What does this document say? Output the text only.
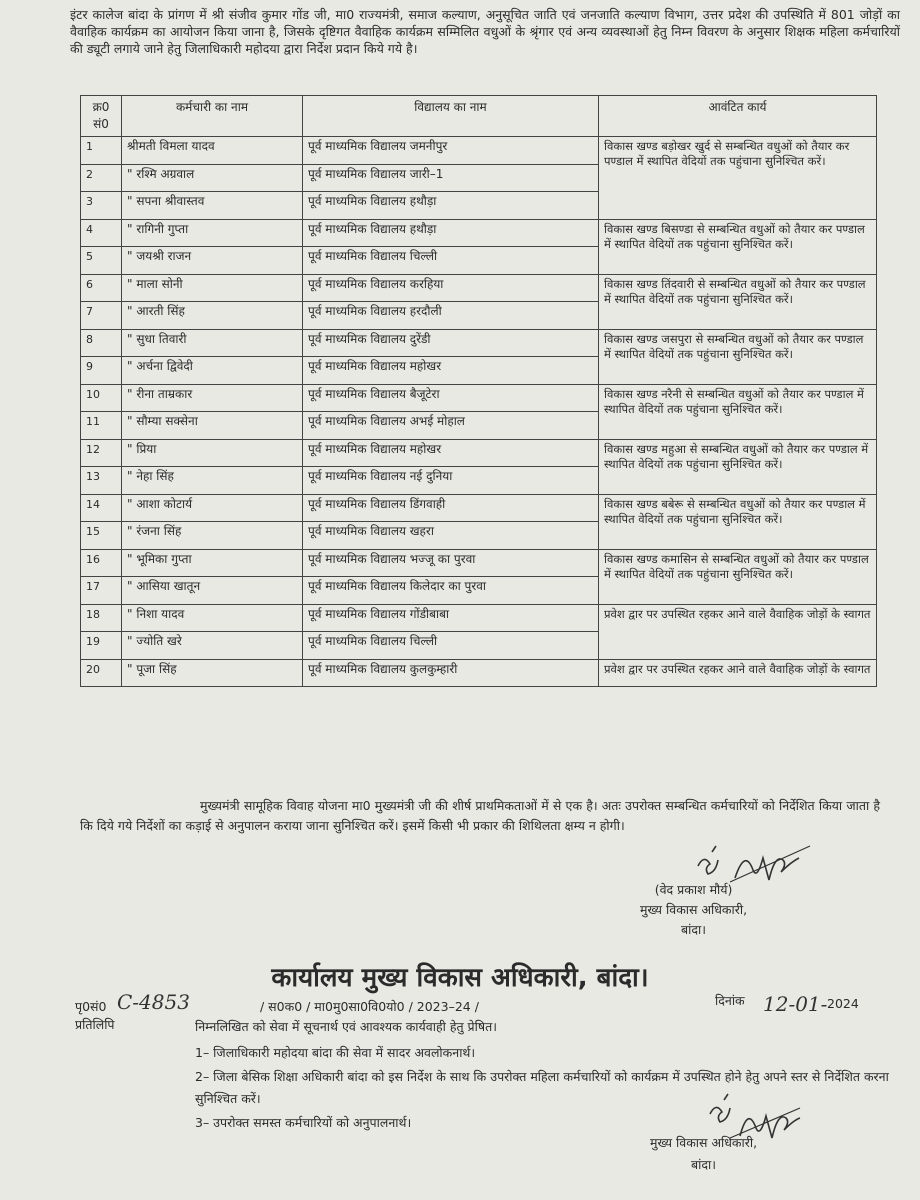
इंटर कालेज बांदा के प्रांगण में श्री संजीव कुमार गोंड जी, मा0 राज्यमंत्री, समाज कल्याण, अनुसूचित जाति एवं जनजाति कल्याण विभाग, उत्तर प्रदेश की उपस्थिति में 801 जोड़ों का वैवाहिक कार्यक्रम का आयोजन किया जाना है, जिसके दृष्टिगत वैवाहिक कार्यक्रम सम्मिलित वधुओं के श्रृंगार एवं अन्य व्यवस्थाओं हेतु निम्न विवरण के अनुसार शिक्षक महिला कर्मचारियों की ड्यूटी लगाये जाने हेतु जिलाधिकारी महोदया द्वारा निर्देश प्रदान किये गये है।
क्र0 सं0	कर्मचारी का नाम	विद्यालय का नाम	आवंटित कार्य
1	श्रीमती विमला यादव	पूर्व माध्यमिक विद्यालय जमनीपुर	विकास खण्ड बड़ोखर खुर्द से सम्बन्धित वधुओं को तैयार कर पण्डाल में स्थापित वेदियों तक पहुंचाना सुनिश्चित करें।
2	" रश्मि अग्रवाल	पूर्व माध्यमिक विद्यालय जारी–1	
3	" सपना श्रीवास्तव	पूर्व माध्यमिक विद्यालय हथौड़ा	
4	" रागिनी गुप्ता	पूर्व माध्यमिक विद्यालय हथौड़ा	विकास खण्ड बिसण्डा से सम्बन्धित वधुओं को तैयार कर पण्डाल में स्थापित वेदियों तक पहुंचाना सुनिश्चित करें।
5	" जयश्री राजन	पूर्व माध्यमिक विद्यालय चिल्ली	
6	" माला सोनी	पूर्व माध्यमिक विद्यालय करहिया	विकास खण्ड तिंदवारी से सम्बन्धित वधुओं को तैयार कर पण्डाल में स्थापित वेदियों तक पहुंचाना सुनिश्चित करें।
7	" आरती सिंह	पूर्व माध्यमिक विद्यालय हरदौली	
8	" सुधा तिवारी	पूर्व माध्यमिक विद्यालय दुरेंडी	विकास खण्ड जसपुरा से सम्बन्धित वधुओं को तैयार कर पण्डाल में स्थापित वेदियों तक पहुंचाना सुनिश्चित करें।
9	" अर्चना द्विवेदी	पूर्व माध्यमिक विद्यालय महोखर	
10	" रीना ताम्रकार	पूर्व माध्यमिक विद्यालय बैजूटेरा	विकास खण्ड नरैनी से सम्बन्धित वधुओं को तैयार कर पण्डाल में स्थापित वेदियों तक पहुंचाना सुनिश्चित करें।
11	" सौम्या सक्सेना	पूर्व माध्यमिक विद्यालय अभई मोहाल	
12	" प्रिया	पूर्व माध्यमिक विद्यालय महोखर	विकास खण्ड महुआ से सम्बन्धित वधुओं को तैयार कर पण्डाल में स्थापित वेदियों तक पहुंचाना सुनिश्चित करें।
13	" नेहा सिंह	पूर्व माध्यमिक विद्यालय नई दुनिया	
14	" आशा कोटार्य	पूर्व माध्यमिक विद्यालय डिंगवाही	विकास खण्ड बबेरू से सम्बन्धित वधुओं को तैयार कर पण्डाल में स्थापित वेदियों तक पहुंचाना सुनिश्चित करें।
15	" रंजना सिंह	पूर्व माध्यमिक विद्यालय खहरा	
16	" भूमिका गुप्ता	पूर्व माध्यमिक विद्यालय भज्जू का पुरवा	विकास खण्ड कमासिन से सम्बन्धित वधुओं को तैयार कर पण्डाल में स्थापित वेदियों तक पहुंचाना सुनिश्चित करें।
17	" आसिया खातून	पूर्व माध्यमिक विद्यालय किलेदार का पुरवा	
18	" निशा यादव	पूर्व माध्यमिक विद्यालय गोंडीबाबा	प्रवेश द्वार पर उपस्थित रहकर आने वाले वैवाहिक जोड़ों के स्वागत
19	" ज्योति खरे	पूर्व माध्यमिक विद्यालय चिल्ली	
20	" पूजा सिंह	पूर्व माध्यमिक विद्यालय कुलकुम्हारी	प्रवेश द्वार पर उपस्थित रहकर आने वाले वैवाहिक जोड़ों के स्वागत

मुख्यमंत्री सामूहिक विवाह योजना मा0 मुख्यमंत्री जी की शीर्ष प्राथमिकताओं में से एक है। अतः उपरोक्त सम्बन्धित कर्मचारियों को निर्देशित किया जाता है कि दिये गये निर्देशों का कड़ाई से अनुपालन कराया जाना सुनिश्चित करें। इसमें किसी भी प्रकार की शिथिलता क्षम्य न होगी।

(वेद प्रकाश मौर्य)
मुख्य विकास अधिकारी,
बांदा।
कार्यालय मुख्य विकास अधिकारी, बांदा।
पृ0सं0 C-4853	/ स0क0 / मा0मु0सा0वि0यो0 / 2023–24 /	दिनांक 12-01- 2024
प्रतिलिपि	निम्नलिखित को सेवा में सूचनार्थ एवं आवश्यक कार्यवाही हेतु प्रेषित।
1– जिलाधिकारी महोदया बांदा की सेवा में सादर अवलोकनार्थ।
2– जिला बेसिक शिक्षा अधिकारी बांदा को इस निर्देश के साथ कि उपरोक्त महिला कर्मचारियों को कार्यक्रम में उपस्थित होने हेतु अपने स्तर से निर्देशित करना सुनिश्चित करें।
3– उपरोक्त समस्त कर्मचारियों को अनुपालनार्थ।
मुख्य विकास अधिकारी,
बांदा।
